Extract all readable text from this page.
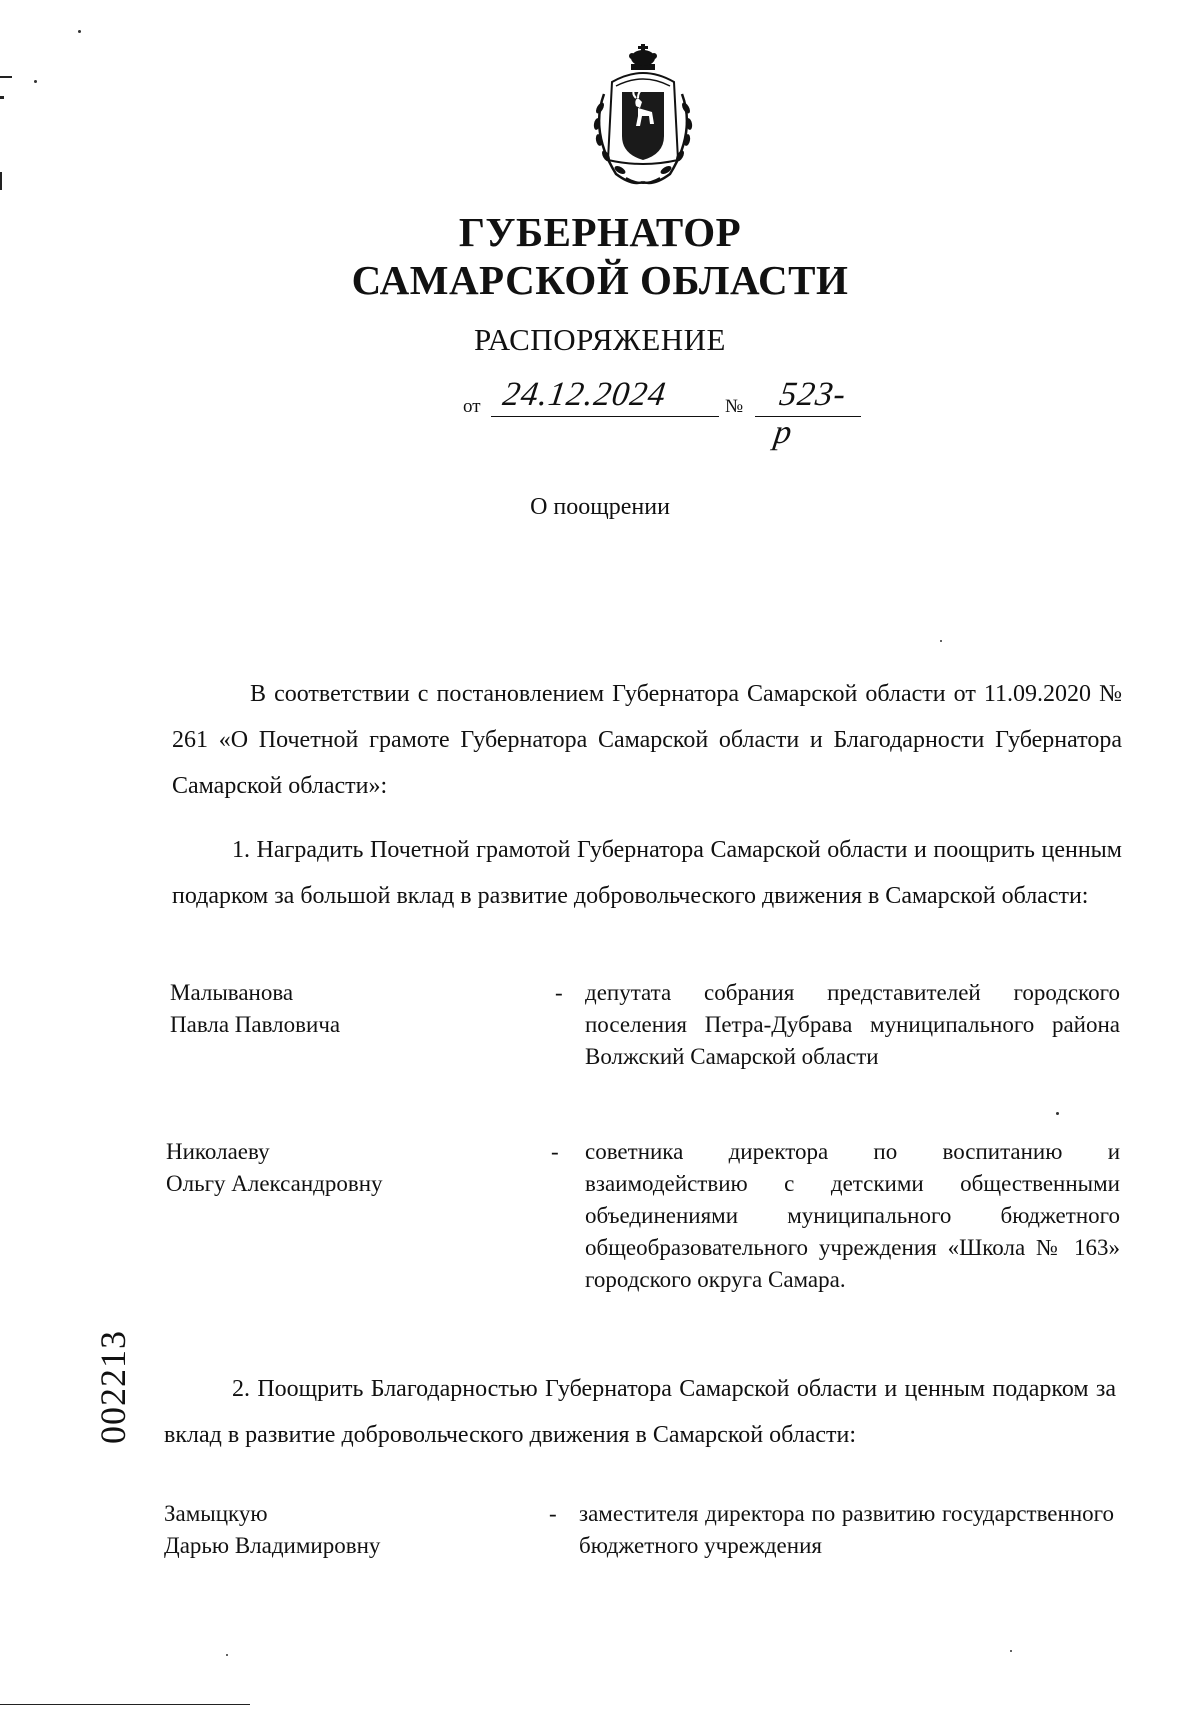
ГУБЕРНАТОР
САМАРСКОЙ ОБЛАСТИ
РАСПОРЯЖЕНИЕ
от 24.12.2024	№ 523-р
О поощрении
В соответствии с постановлением Губернатора Самарской области от 11.09.2020 № 261 «О Почетной грамоте Губернатора Самарской области и Благодарности Губернатора Самарской области»:
1. Наградить Почетной грамотой Губернатора Самарской области и поощрить ценным подарком за большой вклад в развитие добровольческого движения в Самарской области:
Малыванова
Павла Павловича
- депутата собрания представителей городского поселения Петра-Дубрава муниципального района Волжский Самарской области
Николаеву
Ольгу Александровну
- советника директора по воспитанию и взаимодействию с детскими общественными объединениями муниципального бюджетного общеобразовательного учреждения «Школа № 163» городского округа Самара.
2. Поощрить Благодарностью Губернатора Самарской области и ценным подарком за вклад в развитие добровольческого движения в Самарской области:
Замыцкую
Дарью Владимировну
- заместителя директора по развитию государственного бюджетного учреждения
002213
